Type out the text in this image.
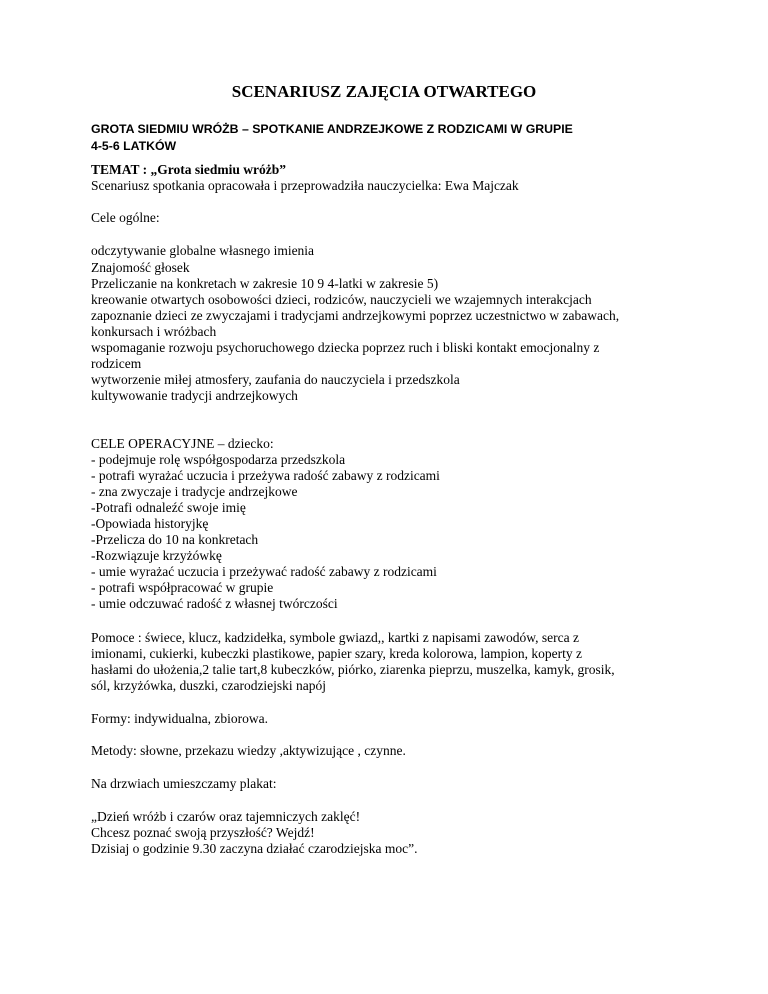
SCENARIUSZ ZAJĘCIA OTWARTEGO
GROTA SIEDMIU WRÓŻB – SPOTKANIE ANDRZEJKOWE Z RODZICAMI W GRUPIE
4-5-6 LATKÓW
TEMAT : „Grota siedmiu wróżb”
Scenariusz spotkania opracowała i przeprowadziła nauczycielka: Ewa Majczak
Cele ogólne:
odczytywanie globalne własnego imienia
Znajomość głosek
Przeliczanie na konkretach w zakresie 10 9 4-latki w zakresie 5)
kreowanie otwartych osobowości dzieci, rodziców, nauczycieli we wzajemnych interakcjach
zapoznanie dzieci ze zwyczajami i tradycjami andrzejkowymi poprzez uczestnictwo w zabawach,
konkursach i wróżbach
wspomaganie rozwoju psychoruchowego dziecka poprzez ruch i bliski kontakt emocjonalny z
rodzicem
wytworzenie miłej atmosfery, zaufania do nauczyciela i przedszkola
kultywowanie tradycji andrzejkowych
CELE OPERACYJNE – dziecko:
- podejmuje rolę współgospodarza przedszkola
- potrafi wyrażać uczucia i przeżywa radość zabawy z rodzicami
- zna zwyczaje i tradycje andrzejkowe
-Potrafi odnaleźć swoje imię
-Opowiada historyjkę
-Przelicza do 10 na konkretach
-Rozwiązuje krzyżówkę
- umie wyrażać uczucia i przeżywać radość zabawy z rodzicami
- potrafi współpracować w grupie
- umie odczuwać radość z własnej twórczości
Pomoce : świece, klucz, kadzidełka, symbole gwiazd,, kartki z napisami zawodów, serca z
imionami, cukierki, kubeczki plastikowe, papier szary, kreda kolorowa, lampion, koperty z
hasłami do ułożenia,2 talie tart,8 kubeczków, piórko, ziarenka pieprzu, muszelka, kamyk, grosik,
sól, krzyżówka, duszki, czarodziejski napój
Formy: indywidualna, zbiorowa.
Metody: słowne, przekazu wiedzy ,aktywizujące , czynne.
Na drzwiach umieszczamy plakat:
„Dzień wróżb i czarów oraz tajemniczych zaklęć!
Chcesz poznać swoją przyszłość? Wejdź!
Dzisiaj o godzinie 9.30 zaczyna działać czarodziejska moc”.
